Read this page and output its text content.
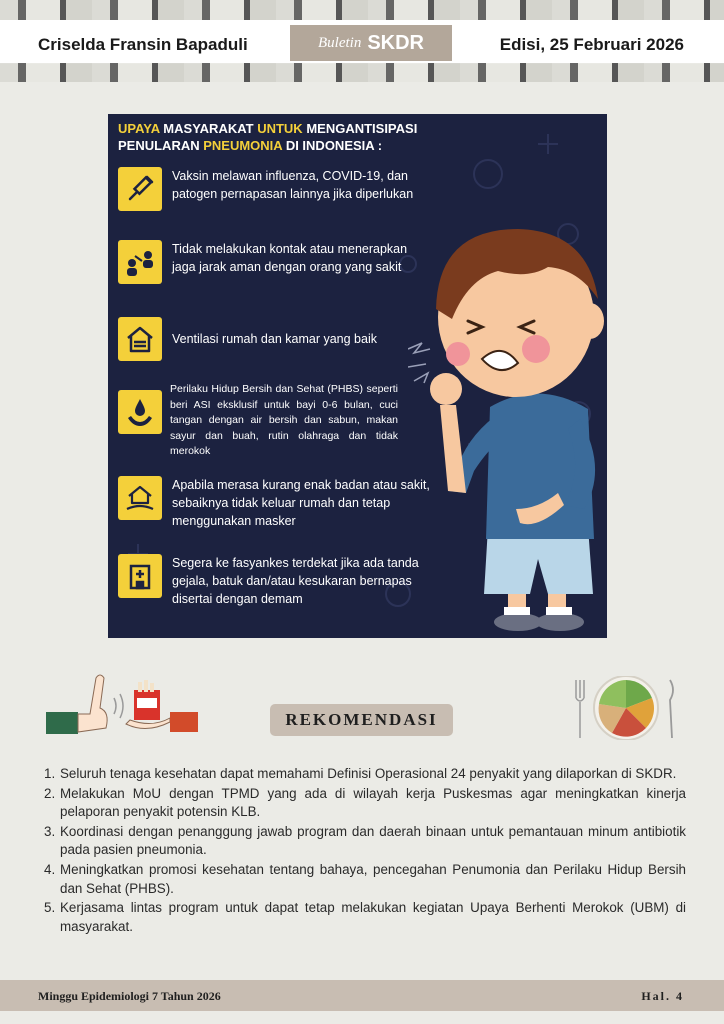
Criselda Fransin Bapaduli	Buletin SKDR	Edisi, 25 Februari 2026
UPAYA MASYARAKAT UNTUK MENGANTISIPASI
PENULARAN PNEUMONIA DI INDONESIA :
Vaksin melawan influenza, COVID-19, dan patogen pernapasan lainnya jika diperlukan
Tidak melakukan kontak atau menerapkan jaga jarak aman dengan orang yang sakit
Ventilasi rumah dan kamar yang baik
Perilaku Hidup Bersih dan Sehat (PHBS) seperti beri ASI eksklusif untuk bayi 0-6 bulan, cuci tangan dengan air bersih dan sabun, makan sayur dan buah, rutin olahraga dan tidak merokok
Apabila merasa kurang enak badan atau sakit, sebaiknya tidak keluar rumah dan tetap menggunakan masker
Segera ke fasyankes terdekat jika ada tanda gejala, batuk dan/atau kesukaran bernapas disertai dengan demam
REKOMENDASI
1. Seluruh tenaga kesehatan dapat memahami Definisi Operasional 24 penyakit yang dilaporkan di SKDR.
2. Melakukan MoU dengan TPMD yang ada di wilayah kerja Puskesmas agar meningkatkan kinerja pelaporan penyakit potensin KLB.
3. Koordinasi dengan penanggung jawab program dan daerah binaan untuk pemantauan minum antibiotik pada pasien pneumonia.
4. Meningkatkan promosi kesehatan tentang bahaya, pencegahan Penumonia dan Perilaku Hidup Bersih dan Sehat (PHBS).
5. Kerjasama lintas program untuk dapat tetap melakukan kegiatan Upaya Berhenti Merokok (UBM) di masyarakat.
Minggu Epidemiologi 7 Tahun 2026	Hal. 4
